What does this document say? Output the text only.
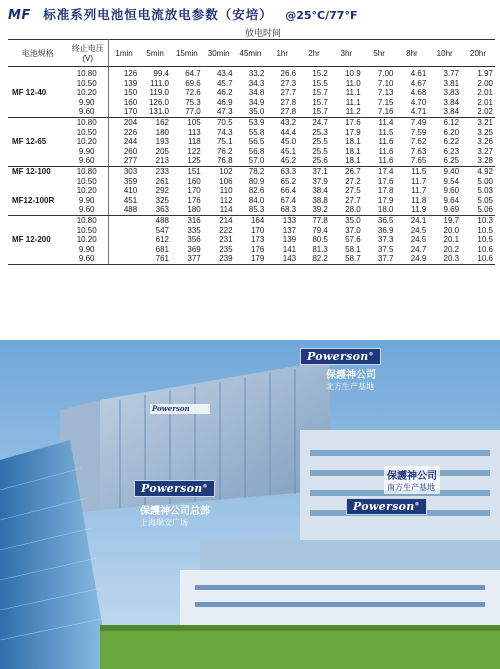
MF 标准系列电池恒电流放电参数（安培） @25°C/77°F
放电时间
电池规格	终止电压(V)	1min	5min	15min	30min	45min	1hr	2hr	3hr	5hr	8hr	10hr	20hr
	10.80	126	99.4	64.7	43.4	33.2	26.6	15.2	10.9	7.00	4.61	3.77	1.97
	10.50	139	111.0	69.6	45.7	34.3	27.3	15.5	11.0	7.10	4.67	3.81	2.00
MF 12-40	10.20	150	119.0	72.6	46.2	34.8	27.7	15.7	11.1	7.13	4.68	3.83	2.01
	9.90	160	126.0	75.3	46.9	34.9	27.8	15.7	11.1	7.15	4.70	3.84	2.01
	9.60	170	131.0	77.0	47.3	35.0	27.8	15.7	11.2	7.16	4.71	3.84	2.02
	10.80	204	162	105	70.5	53.9	43.2	24.7	17.6	11.4	7.49	6.12	3.21
	10.50	226	180	113	74.3	55.8	44.4	25.3	17.9	11.5	7.59	6.20	3.25
MF 12-65	10.20	244	193	118	75.1	56.5	45.0	25.5	18.1	11.6	7.62	6.22	3.26
	9.90	260	205	122	76.2	56.8	45.1	25.5	18.1	11.6	7.63	6.23	3.27
	9.60	277	213	125	76.8	57.0	45.2	25.6	18.1	11.6	7.65	6.25	3.28
MF 12-100	10.80	303	233	151	102	78.2	63.3	37.1	26.7	17.4	11.5	9.40	4.92
	10.50	359	261	160	106	80.9	65.2	37.9	27.2	17.6	11.7	9.54	5.00
	10.20	410	292	170	110	82.6	66.4	38.4	27.5	17.8	11.7	9.60	5.03
MF12-100R	9.90	451	325	176	112	84.0	67.4	38.8	27.7	17.9	11.8	9.64	5.05
	9.60	488	363	180	114	85.3	68.3	39.2	28.0	18.0	11.9	9.69	5.06
	10.80		488	316	214	164	133	77.8	35.0	36.5	24.1	19.7	10.3
	10.50		547	335	222	170	137	79.4	37.0	36.9	24.5	20.0	10.5
MF 12-200	10.20		612	356	231	173	139	80.5	57.6	37.3	24.5	20.1	10.5
	9.90		681	369	235	176	141	81.3	58.1	37.5	24.7	20.2	10.6
	9.60		761	377	239	179	143	82.2	58.7	37.7	24.9	20.3	10.6
Powerson®
保護神公司
北方生产基地
保護神公司
南方生产基地
Powerson®
Powerson®
保護神公司总部
上海瑞安广场
Powerson
